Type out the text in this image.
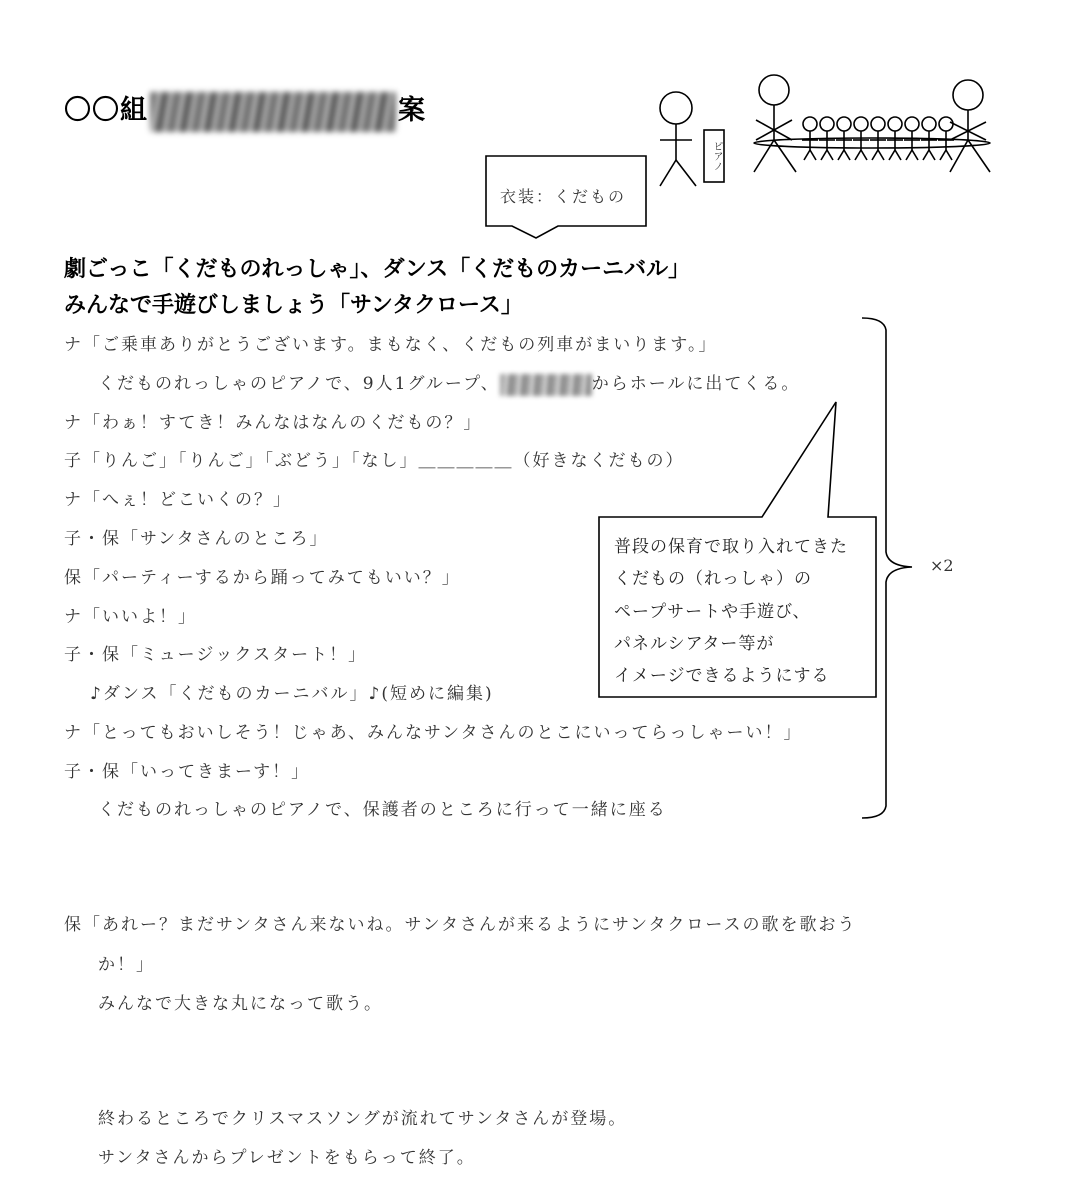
〇〇組	案
衣装：くだもの
ピアノ
劇ごっこ「くだものれっしゃ」、ダンス「くだものカーニバル」
みんなで手遊びしましょう「サンタクロース」
ナ「ご乗車ありがとうございます。まもなく、くだもの列車がまいります。」
くだものれっしゃのピアノで、9人1グループ、	からホールに出てくる。
ナ「わぁ！すてき！みんなはなんのくだもの？」
子「りんご」「りんご」「ぶどう」「なし」＿＿＿＿＿（好きなくだもの）
ナ「へぇ！どこいくの？」
子・保「サンタさんのところ」
保「パーティーするから踊ってみてもいい？」
ナ「いいよ！」
子・保「ミュージックスタート！」
♪ダンス「くだものカーニバル」♪(短めに編集)
ナ「とってもおいしそう！じゃあ、みんなサンタさんのとこにいってらっしゃーい！」
子・保「いってきまーす！」
くだものれっしゃのピアノで、保護者のところに行って一緒に座る
普段の保育で取り入れてきた
くだもの（れっしゃ）の
ペープサートや手遊び、
パネルシアター等が
イメージできるようにする
×2
保「あれー？まだサンタさん来ないね。サンタさんが来るようにサンタクロースの歌を歌おう
か！」
みんなで大きな丸になって歌う。
終わるところでクリスマスソングが流れてサンタさんが登場。
サンタさんからプレゼントをもらって終了。
